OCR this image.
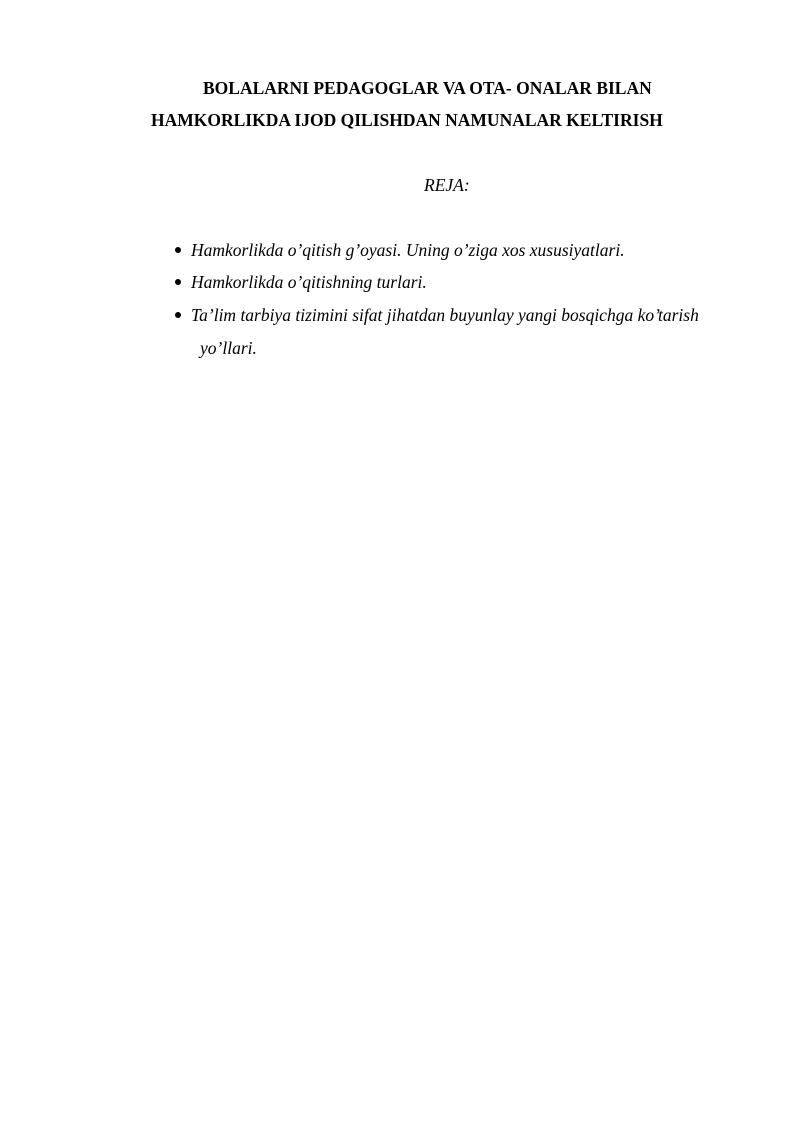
BOLALARNI PEDAGOGLAR VA OTA- ONALAR BILAN
HAMKORLIKDA IJOD QILISHDAN NAMUNALAR KELTIRISH
REJA:
Hamkorlikda o’qitish g’oyasi. Uning o’ziga xos xususiyatlari.
Hamkorlikda o’qitishning turlari.
Ta’lim tarbiya tizimini sifat jihatdan buyunlay yangi bosqichga ko’tarish
yo’llari.
